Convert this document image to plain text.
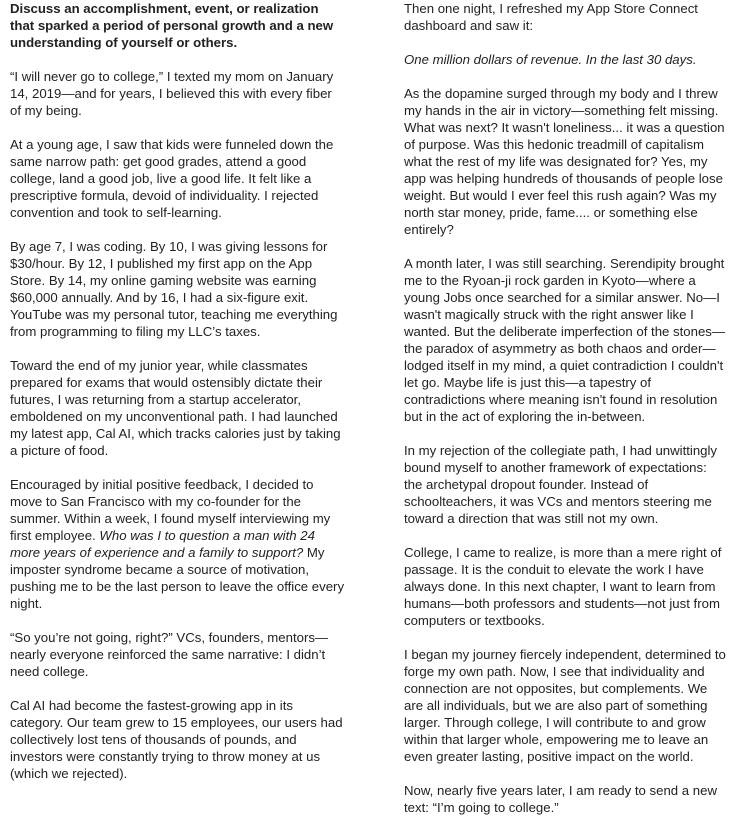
Discuss an accomplishment, event, or realization that sparked a period of personal growth and a new understanding of yourself or others.

“I will never go to college,” I texted my mom on January 14, 2019—and for years, I believed this with every fiber of my being.

At a young age, I saw that kids were funneled down the same narrow path: get good grades, attend a good college, land a good job, live a good life. It felt like a prescriptive formula, devoid of individuality. I rejected convention and took to self-learning.

By age 7, I was coding. By 10, I was giving lessons for $30/hour. By 12, I published my first app on the App Store. By 14, my online gaming website was earning $60,000 annually. And by 16, I had a six-figure exit. YouTube was my personal tutor, teaching me everything from programming to filing my LLC’s taxes.

Toward the end of my junior year, while classmates prepared for exams that would ostensibly dictate their futures, I was returning from a startup accelerator, emboldened on my unconventional path. I had launched my latest app, Cal AI, which tracks calories just by taking a picture of food.

Encouraged by initial positive feedback, I decided to move to San Francisco with my co-founder for the summer. Within a week, I found myself interviewing my first employee. Who was I to question a man with 24 more years of experience and a family to support? My imposter syndrome became a source of motivation, pushing me to be the last person to leave the office every night.

“So you’re not going, right?” VCs, founders, mentors—nearly everyone reinforced the same narrative: I didn’t need college.

Cal AI had become the fastest-growing app in its category. Our team grew to 15 employees, our users had collectively lost tens of thousands of pounds, and investors were constantly trying to throw money at us (which we rejected).

Then one night, I refreshed my App Store Connect dashboard and saw it:

One million dollars of revenue. In the last 30 days.

As the dopamine surged through my body and I threw my hands in the air in victory—something felt missing. What was next? It wasn't loneliness... it was a question of purpose. Was this hedonic treadmill of capitalism what the rest of my life was designated for? Yes, my app was helping hundreds of thousands of people lose weight. But would I ever feel this rush again? Was my north star money, pride, fame.... or something else entirely?

A month later, I was still searching. Serendipity brought me to the Ryoan-ji rock garden in Kyoto—where a young Jobs once searched for a similar answer. No—I wasn't magically struck with the right answer like I wanted. But the deliberate imperfection of the stones—the paradox of asymmetry as both chaos and order—lodged itself in my mind, a quiet contradiction I couldn't let go. Maybe life is just this—a tapestry of contradictions where meaning isn't found in resolution but in the act of exploring the in-between.

In my rejection of the collegiate path, I had unwittingly bound myself to another framework of expectations: the archetypal dropout founder. Instead of schoolteachers, it was VCs and mentors steering me toward a direction that was still not my own.

College, I came to realize, is more than a mere right of passage. It is the conduit to elevate the work I have always done. In this next chapter, I want to learn from humans—both professors and students—not just from computers or textbooks.

I began my journey fiercely independent, determined to forge my own path. Now, I see that individuality and connection are not opposites, but complements. We are all individuals, but we are also part of something larger. Through college, I will contribute to and grow within that larger whole, empowering me to leave an even greater lasting, positive impact on the world.

Now, nearly five years later, I am ready to send a new text: “I’m going to college.”
